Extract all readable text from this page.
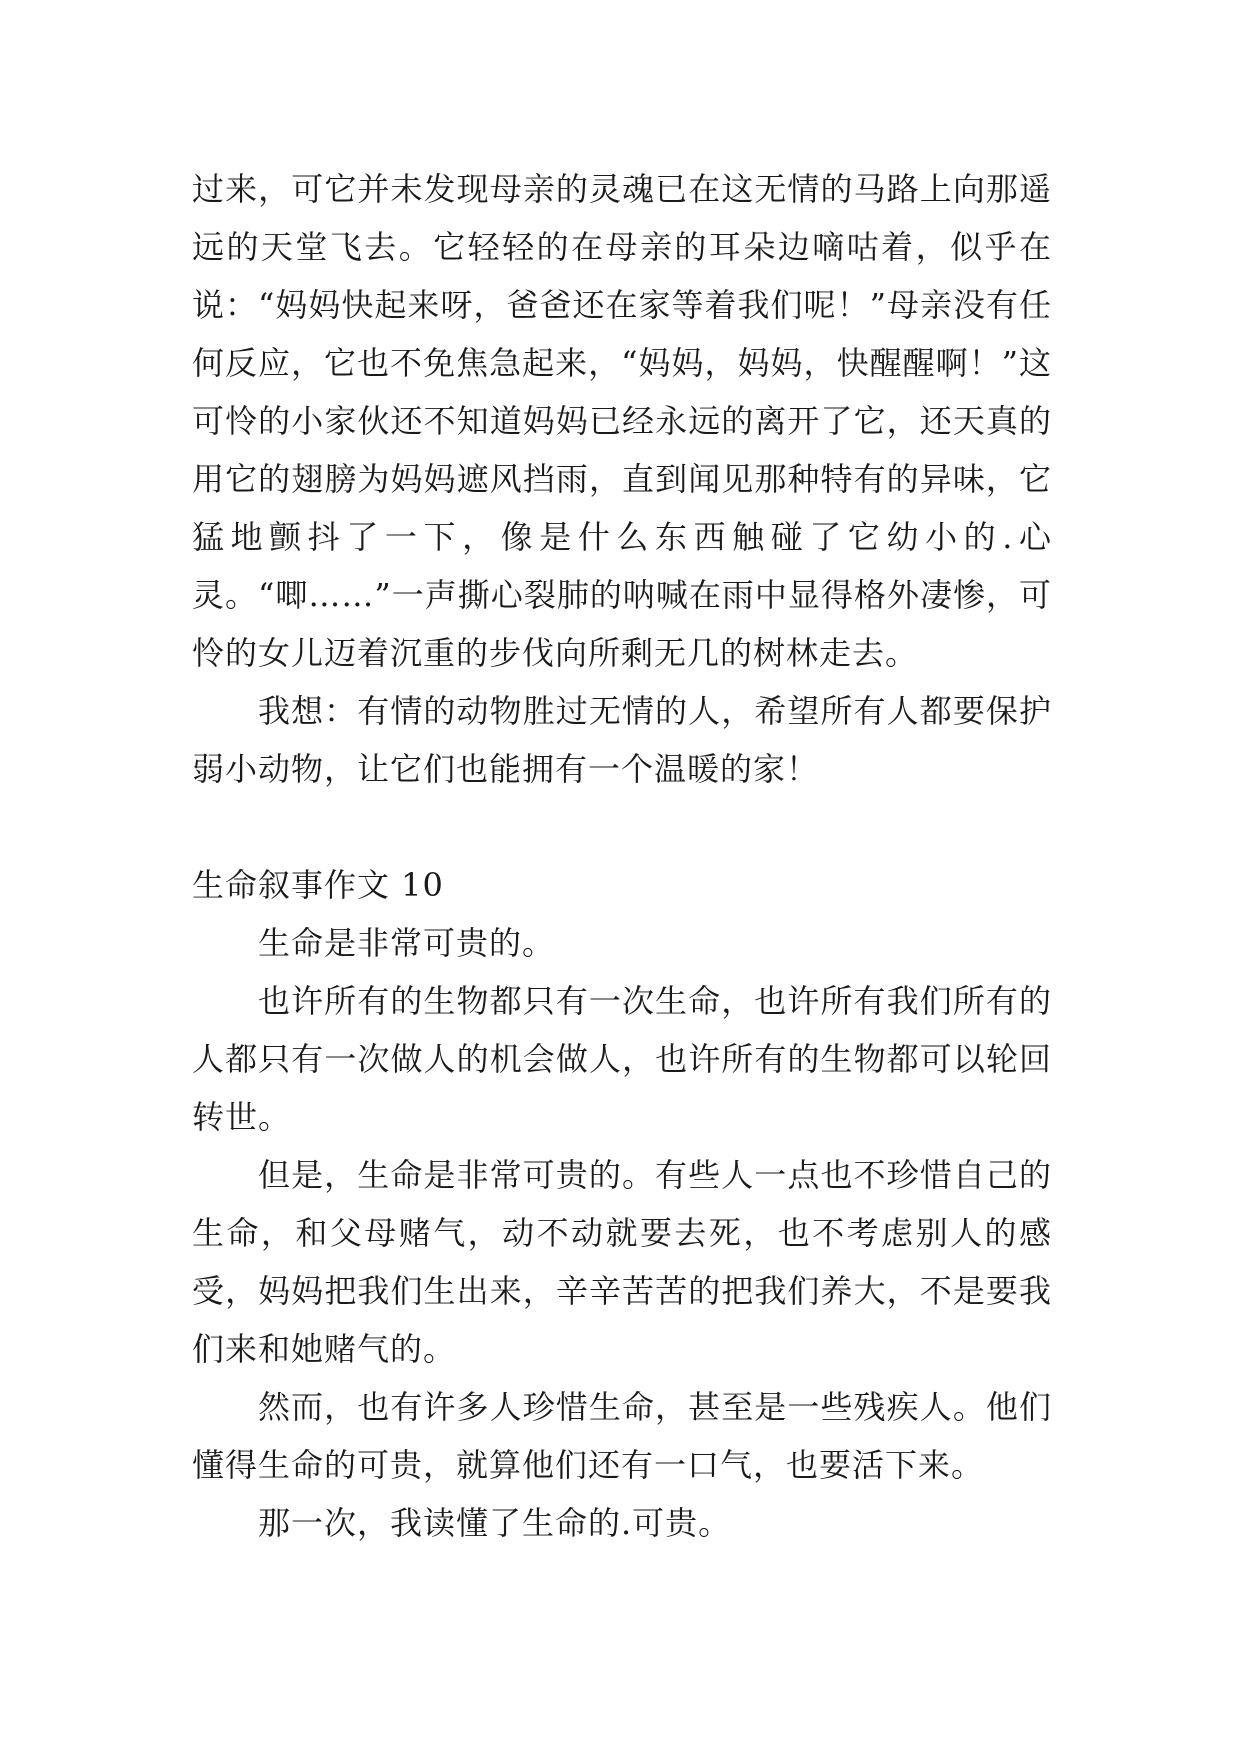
过来，可它并未发现母亲的灵魂已在这无情的马路上向那遥远的天堂飞去。它轻轻的在母亲的耳朵边嘀咕着，似乎在说：“妈妈快起来呀，爸爸还在家等着我们呢！”母亲没有任何反应，它也不免焦急起来，“妈妈，妈妈，快醒醒啊！”这可怜的小家伙还不知道妈妈已经永远的离开了它，还天真的用它的翅膀为妈妈遮风挡雨，直到闻见那种特有的异味，它猛地颤抖了一下，像是什么东西触碰了它幼小的.心灵。“唧……”一声撕心裂肺的呐喊在雨中显得格外凄惨，可怜的女儿迈着沉重的步伐向所剩无几的树林走去。

我想：有情的动物胜过无情的人，希望所有人都要保护弱小动物，让它们也能拥有一个温暖的家！

生命叙事作文 10

生命是非常可贵的。

也许所有的生物都只有一次生命，也许所有我们所有的人都只有一次做人的机会做人，也许所有的生物都可以轮回转世。

但是，生命是非常可贵的。有些人一点也不珍惜自己的生命，和父母赌气，动不动就要去死，也不考虑别人的感受，妈妈把我们生出来，辛辛苦苦的把我们养大，不是要我们来和她赌气的。

然而，也有许多人珍惜生命，甚至是一些残疾人。他们懂得生命的可贵，就算他们还有一口气，也要活下来。

那一次，我读懂了生命的.可贵。
